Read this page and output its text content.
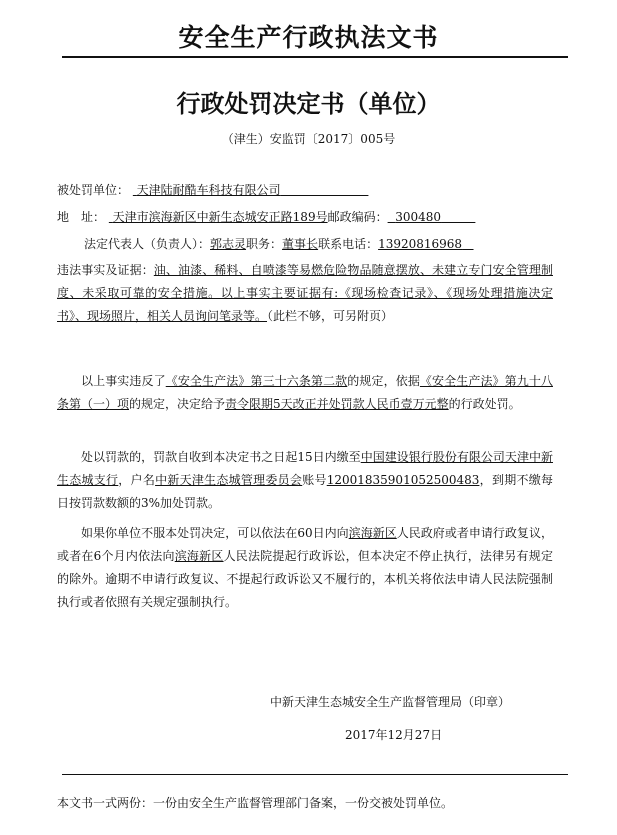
安全生产行政执法文书
行政处罚决定书（单位）
（津生）安监罚〔2017〕005号
被处罚单位： 天津陆耐酷车科技有限公司
地　址： 天津市滨海新区中新生态城安正路189号邮政编码： 300480
法定代表人（负责人）：郭志灵职务：董事长联系电话：13920816968

违法事实及证据：油、油漆、稀料、自喷漆等易燃危险物品随意摆放、未建立专门安全管理制度、未采取可靠的安全措施。以上事实主要证据有:《现场检查记录》、《现场处理措施决定书》、现场照片，相关人员询问笔录等。（此栏不够，可另附页）

以上事实违反了《安全生产法》第三十六条第二款的规定，依据《安全生产法》第九十八条第（一）项的规定，决定给予责令限期5天改正并处罚款人民币壹万元整的行政处罚。

处以罚款的，罚款自收到本决定书之日起15日内缴至中国建设银行股份有限公司天津中新生态城支行，户名中新天津生态城管理委员会账号12001835901052500483，到期不缴每日按罚款数额的3%加处罚款。

如果你单位不服本处罚决定，可以依法在60日内向滨海新区人民政府或者申请行政复议，或者在6个月内依法向滨海新区人民法院提起行政诉讼，但本决定不停止执行，法律另有规定的除外。逾期不申请行政复议、不提起行政诉讼又不履行的，本机关将依法申请人民法院强制执行或者依照有关规定强制执行。

中新天津生态城安全生产监督管理局（印章）
2017年12月27日
本文书一式两份：一份由安全生产监督管理部门备案，一份交被处罚单位。
